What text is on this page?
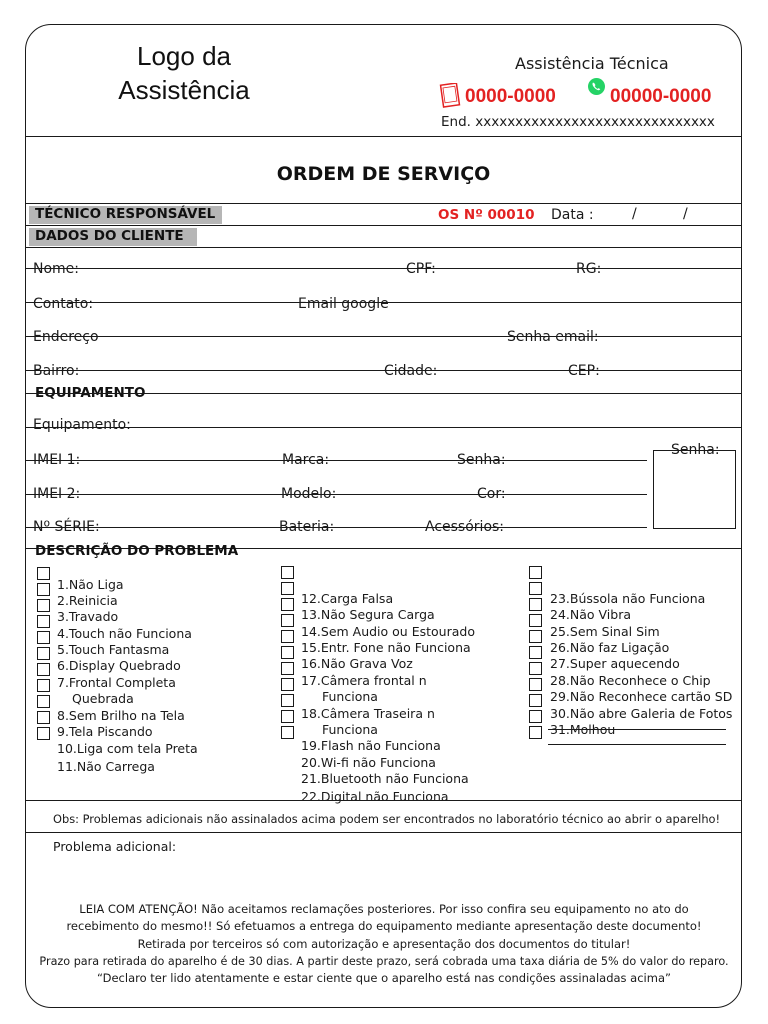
Logo da
Assistência
Assistência Técnica
0000-0000	00000-0000
End. xxxxxxxxxxxxxxxxxxxxxxxxxxxxxx
ORDEM DE SERVIÇO
TÉCNICO RESPONSÁVEL	OS Nº 00010 Data :	/	/
DADOS DO CLIENTE
Nome:	CPF:	RG:
Contato:	Email google
Endereço	Senha email:
Bairro:	Cidade:	CEP:
EQUIPAMENTO
Equipamento:
IMEI 1:	Marca:	Senha:
IMEI 2:	Modelo:	Cor:
Nº SÉRIE:	Bateria:	Acessórios:
Senha:
DESCRIÇÃO DO PROBLEMA
1.Não Liga
2.Reinicia
3.Travado
4.Touch não Funciona
5.Touch Fantasma
6.Display Quebrado
7.Frontal Completa
Quebrada
8.Sem Brilho na Tela
9.Tela Piscando
10.Liga com tela Preta
11.Não Carrega
12.Carga Falsa
13.Não Segura Carga
14.Sem Audio ou Estourado
15.Entr. Fone não Funciona
16.Não Grava Voz
17.Câmera frontal n
Funciona
18.Câmera Traseira n
Funciona
19.Flash não Funciona
20.Wi-fi não Funciona
21.Bluetooth não Funciona
22.Digital não Funciona
23.Bússola não Funciona
24.Não Vibra
25.Sem Sinal Sim
26.Não faz Ligação
27.Super aquecendo
28.Não Reconhece o Chip
29.Não Reconhece cartão SD
30.Não abre Galeria de Fotos
31.Molhou
Obs: Problemas adicionais não assinalados acima podem ser encontrados no laboratório técnico ao abrir o aparelho!
Problema adicional:
LEIA COM ATENÇÃO! Não aceitamos reclamações posteriores. Por isso confira seu equipamento no ato do
recebimento do mesmo!! Só efetuamos a entrega do equipamento mediante apresentação deste documento!
Retirada por terceiros só com autorização e apresentação dos documentos do titular!
Prazo para retirada do aparelho é de 30 dias. A partir deste prazo, será cobrada uma taxa diária de 5% do valor do reparo.
“Declaro ter lido atentamente e estar ciente que o aparelho está nas condições assinaladas acima”
